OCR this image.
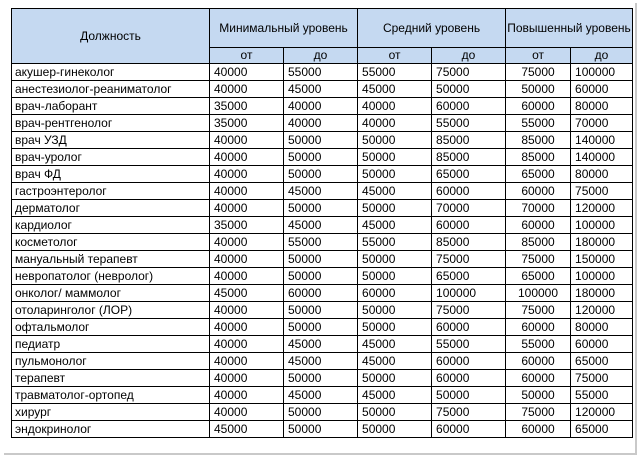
Должность	Минимальный уровень		Средний уровень		Повышенный уровень	
	от	до	от	до	от	до
акушер-гинеколог	40000	55000	55000	75000	75000	100000
анестезиолог-реаниматолог	40000	45000	45000	50000	50000	60000
врач-лаборант	35000	40000	40000	60000	60000	80000
врач-рентгенолог	35000	40000	40000	55000	55000	70000
врач УЗД	40000	50000	50000	85000	85000	140000
врач-уролог	40000	50000	50000	85000	85000	140000
врач ФД	40000	50000	50000	65000	65000	80000
гастроэнтеролог	40000	45000	45000	60000	60000	75000
дерматолог	40000	50000	50000	70000	70000	120000
кардиолог	35000	45000	45000	60000	60000	100000
косметолог	40000	55000	55000	85000	85000	180000
мануальный терапевт	40000	50000	50000	75000	75000	150000
невропатолог (невролог)	40000	50000	50000	65000	65000	100000
онколог/ маммолог	45000	60000	60000	100000	100000	180000
отоларинголог (ЛОР)	40000	50000	50000	75000	75000	120000
офтальмолог	40000	50000	50000	60000	60000	80000
педиатр	40000	45000	45000	55000	55000	60000
пульмонолог	40000	45000	45000	60000	60000	65000
терапевт	40000	50000	50000	60000	60000	75000
травматолог-ортопед	40000	45000	45000	50000	50000	55000
хирург	40000	50000	50000	75000	75000	120000
эндокринолог	45000	50000	50000	60000	60000	65000
